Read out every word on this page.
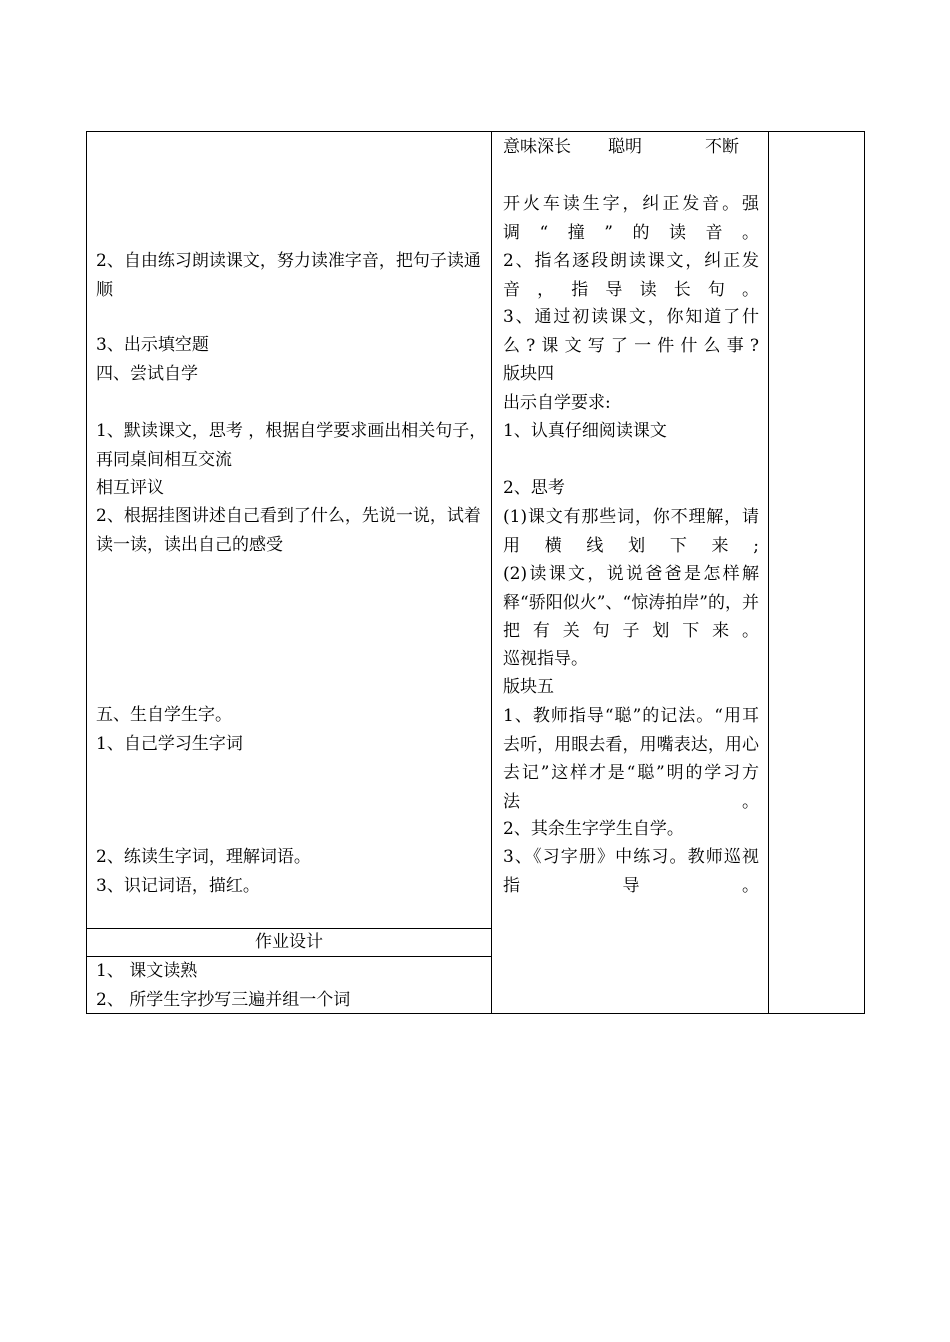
2、自由练习朗读课文，努力读准字音，把句子读通顺
3、出示填空题
四、尝试自学
1、默读课文，思考 ，根据自学要求画出相关句子，再同桌间相互交流
相互评议
2、根据挂图讲述自己看到了什么，先说一说，试着读一读，读出自己的感受
五、生自学生字。
1、自己学习生字词
2、练读生字词，理解词语。
3、识记词语，描红。
作业设计
1、 课文读熟
2、 所学生字抄写三遍并组一个词
意味深长 聪明	不断
开火车读生字，纠正发音。强调“撞”的读音。
2、指名逐段朗读课文，纠正发音，指导读长句。
3、通过初读课文，你知道了什么?课文写了一件什么事?
版块四
出示自学要求:
1、认真仔细阅读课文
2、思考
(1)课文有那些词，你不理解，请用横线划下来;
(2)读课文，说说爸爸是怎样解释“骄阳似火”、“惊涛拍岸”的，并把有关句子划下来。
巡视指导。
版块五
1、教师指导“聪”的记法。“用耳去听，用眼去看，用嘴表达，用心去记”这样才是“聪”明的学习方法。
2、其余生字学生自学。
3、《习字册》中练习。教师巡视指导。
